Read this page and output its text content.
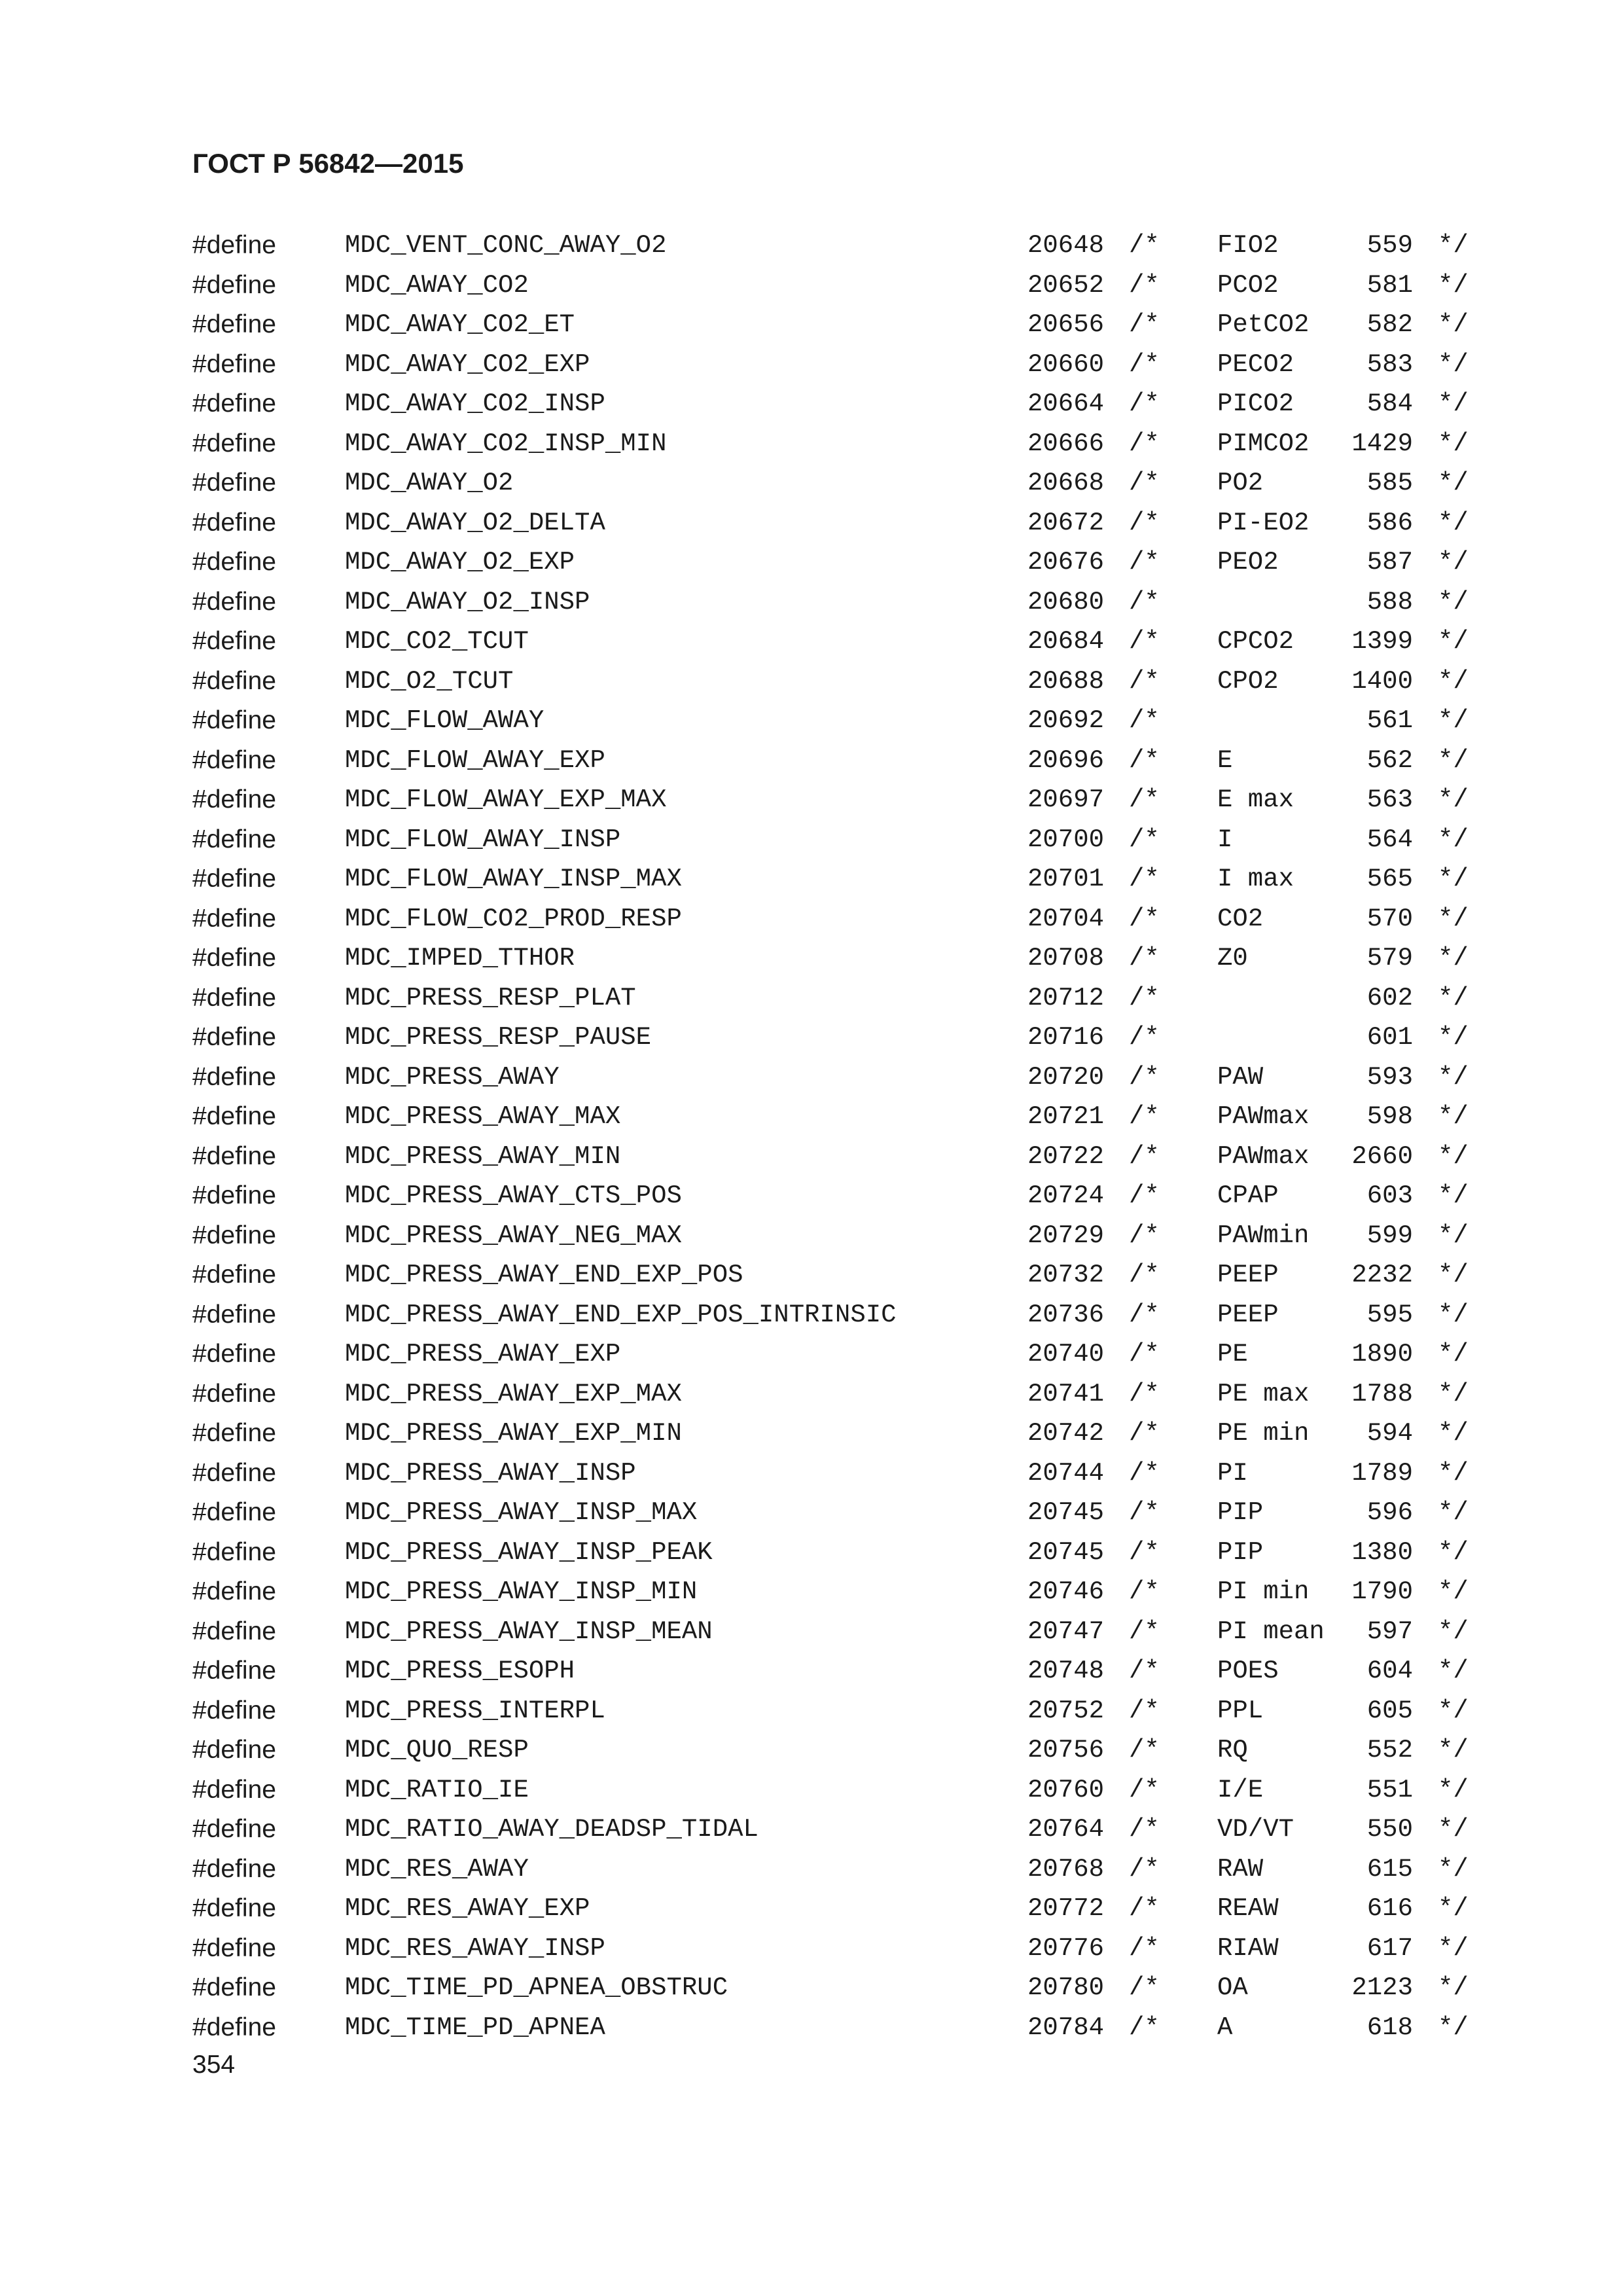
ГОСТ Р 56842—2015
#define	MDC_VENT_CONC_AWAY_O2	20648	/*	FIO2	559	*/
#define	MDC_AWAY_CO2	20652	/*	PCO2	581	*/
#define	MDC_AWAY_CO2_ET	20656	/*	PetCO2	582	*/
#define	MDC_AWAY_CO2_EXP	20660	/*	PECO2	583	*/
#define	MDC_AWAY_CO2_INSP	20664	/*	PICO2	584	*/
#define	MDC_AWAY_CO2_INSP_MIN	20666	/*	PIMCO2	1429	*/
#define	MDC_AWAY_O2	20668	/*	PO2	585	*/
#define	MDC_AWAY_O2_DELTA	20672	/*	PI-EO2	586	*/
#define	MDC_AWAY_O2_EXP	20676	/*	PEO2	587	*/
#define	MDC_AWAY_O2_INSP	20680	/*		588	*/
#define	MDC_CO2_TCUT	20684	/*	CPCO2	1399	*/
#define	MDC_O2_TCUT	20688	/*	CPO2	1400	*/
#define	MDC_FLOW_AWAY	20692	/*		561	*/
#define	MDC_FLOW_AWAY_EXP	20696	/*	E	562	*/
#define	MDC_FLOW_AWAY_EXP_MAX	20697	/*	E max	563	*/
#define	MDC_FLOW_AWAY_INSP	20700	/*	I	564	*/
#define	MDC_FLOW_AWAY_INSP_MAX	20701	/*	I max	565	*/
#define	MDC_FLOW_CO2_PROD_RESP	20704	/*	CO2	570	*/
#define	MDC_IMPED_TTHOR	20708	/*	Z0	579	*/
#define	MDC_PRESS_RESP_PLAT	20712	/*		602	*/
#define	MDC_PRESS_RESP_PAUSE	20716	/*		601	*/
#define	MDC_PRESS_AWAY	20720	/*	PAW	593	*/
#define	MDC_PRESS_AWAY_MAX	20721	/*	PAWmax	598	*/
#define	MDC_PRESS_AWAY_MIN	20722	/*	PAWmax	2660	*/
#define	MDC_PRESS_AWAY_CTS_POS	20724	/*	CPAP	603	*/
#define	MDC_PRESS_AWAY_NEG_MAX	20729	/*	PAWmin	599	*/
#define	MDC_PRESS_AWAY_END_EXP_POS	20732	/*	PEEP	2232	*/
#define	MDC_PRESS_AWAY_END_EXP_POS_INTRINSIC	20736	/*	PEEP	595	*/
#define	MDC_PRESS_AWAY_EXP	20740	/*	PE	1890	*/
#define	MDC_PRESS_AWAY_EXP_MAX	20741	/*	PE max	1788	*/
#define	MDC_PRESS_AWAY_EXP_MIN	20742	/*	PE min	594	*/
#define	MDC_PRESS_AWAY_INSP	20744	/*	PI	1789	*/
#define	MDC_PRESS_AWAY_INSP_MAX	20745	/*	PIP	596	*/
#define	MDC_PRESS_AWAY_INSP_PEAK	20745	/*	PIP	1380	*/
#define	MDC_PRESS_AWAY_INSP_MIN	20746	/*	PI min	1790	*/
#define	MDC_PRESS_AWAY_INSP_MEAN	20747	/*	PI mean	597	*/
#define	MDC_PRESS_ESOPH	20748	/*	POES	604	*/
#define	MDC_PRESS_INTERPL	20752	/*	PPL	605	*/
#define	MDC_QUO_RESP	20756	/*	RQ	552	*/
#define	MDC_RATIO_IE	20760	/*	I/E	551	*/
#define	MDC_RATIO_AWAY_DEADSP_TIDAL	20764	/*	VD/VT	550	*/
#define	MDC_RES_AWAY	20768	/*	RAW	615	*/
#define	MDC_RES_AWAY_EXP	20772	/*	REAW	616	*/
#define	MDC_RES_AWAY_INSP	20776	/*	RIAW	617	*/
#define	MDC_TIME_PD_APNEA_OBSTRUC	20780	/*	OA	2123	*/
#define	MDC_TIME_PD_APNEA	20784	/*	A	618	*/
354
